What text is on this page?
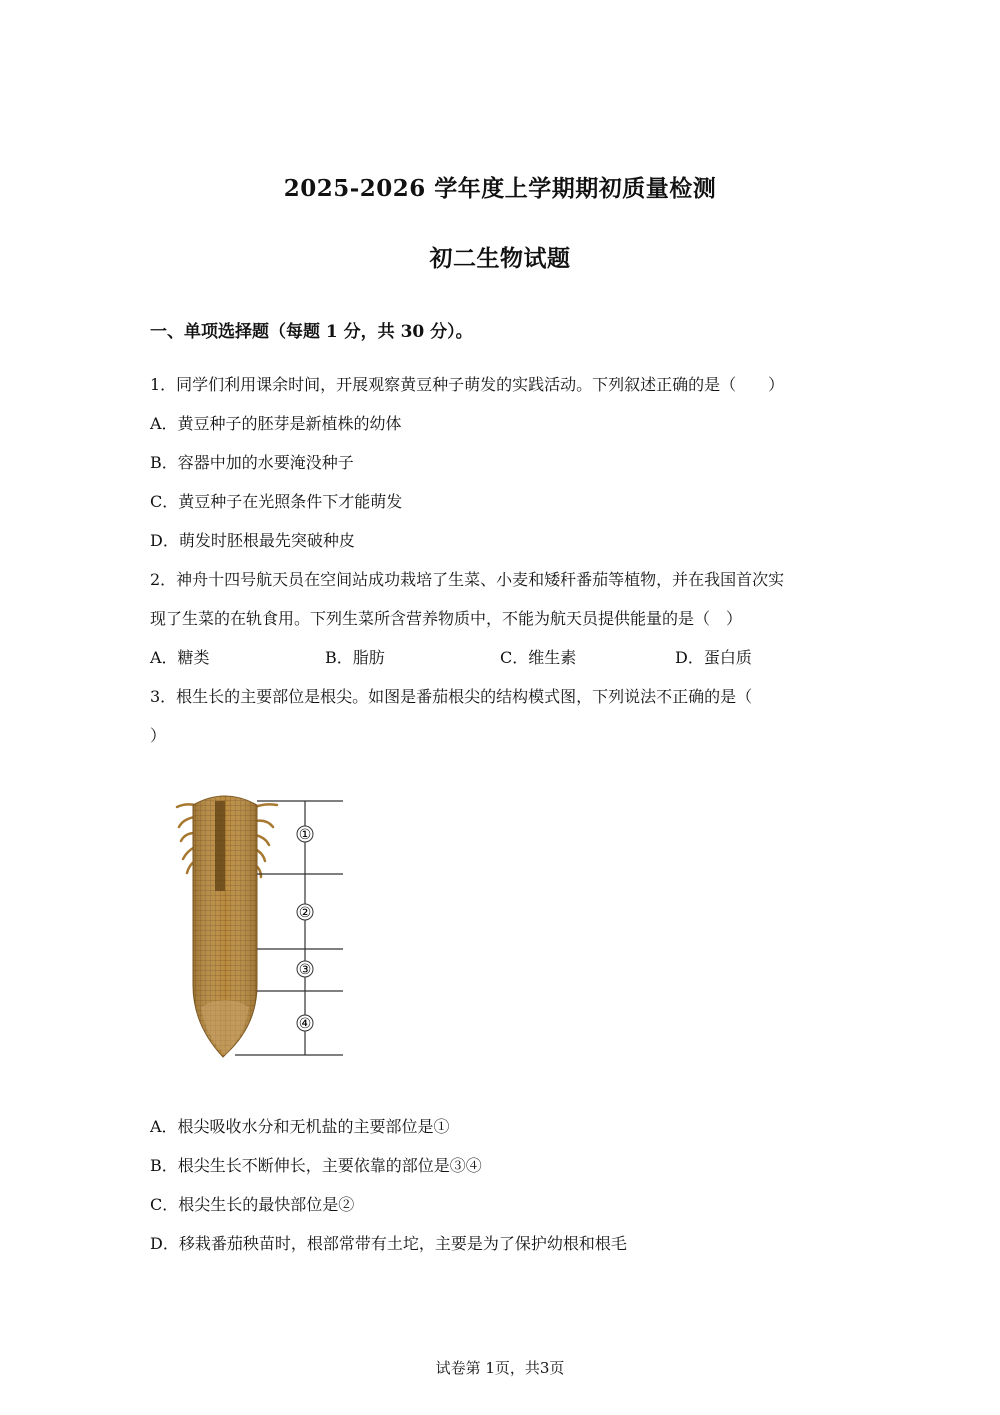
2025-2026 学年度上学期期初质量检测
初二生物试题
一、单项选择题（每题 1 分，共 30 分）。
1．同学们利用课余时间，开展观察黄豆种子萌发的实践活动。下列叙述正确的是（　　）
A．黄豆种子的胚芽是新植株的幼体
B．容器中加的水要淹没种子
C．黄豆种子在光照条件下才能萌发
D．萌发时胚根最先突破种皮
2．神舟十四号航天员在空间站成功栽培了生菜、小麦和矮秆番茄等植物，并在我国首次实
现了生菜的在轨食用。下列生菜所含营养物质中，不能为航天员提供能量的是（　）
A．糖类	B．脂肪	C．维生素	D．蛋白质
3．根生长的主要部位是根尖。如图是番茄根尖的结构模式图，下列说法不正确的是（
）
①
②
③
④
A．根尖吸收水分和无机盐的主要部位是①
B．根尖生长不断伸长，主要依靠的部位是③④
C．根尖生长的最快部位是②
D．移栽番茄秧苗时，根部常带有土坨，主要是为了保护幼根和根毛
试卷第 1页，共3页
